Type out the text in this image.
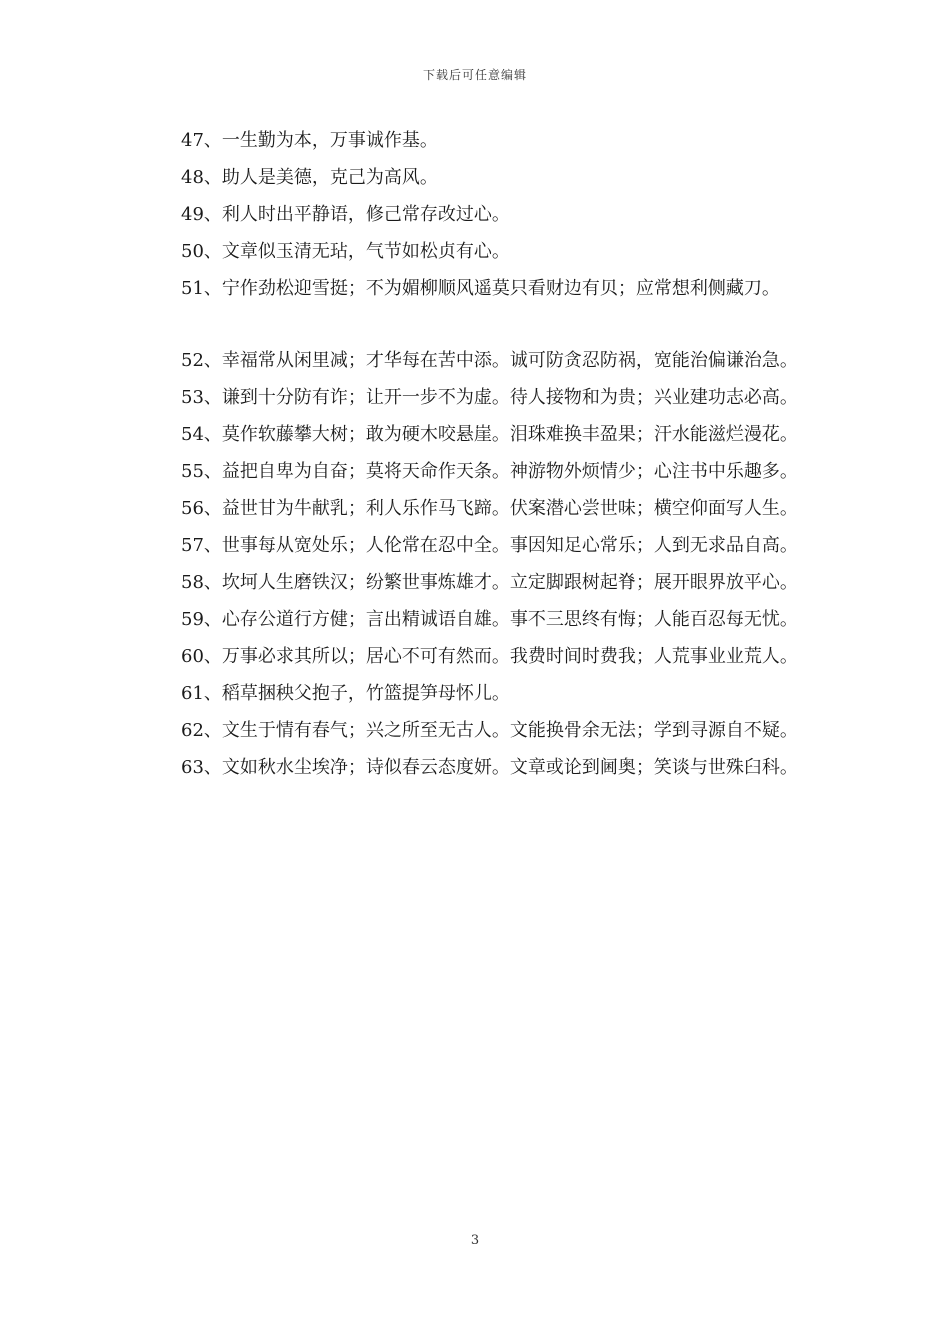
下载后可任意编辑

47、一生勤为本，万事诚作基。

48、助人是美德，克己为高风。

49、利人时出平静语，修己常存改过心。

50、文章似玉清无玷，气节如松贞有心。

51、宁作劲松迎雪挺；不为媚柳顺风遥莫只看财边有贝；应常想利侧藏刀。

52、幸福常从闲里减；才华每在苦中添。诚可防贪忍防祸，宽能治偏谦治急。

53、谦到十分防有诈；让开一步不为虚。待人接物和为贵；兴业建功志必高。

54、莫作软藤攀大树；敢为硬木咬悬崖。泪珠难换丰盈果；汗水能滋烂漫花。

55、益把自卑为自奋；莫将天命作天条。神游物外烦情少；心注书中乐趣多。

56、益世甘为牛献乳；利人乐作马飞蹄。伏案潜心尝世味；横空仰面写人生。

57、世事每从宽处乐；人伦常在忍中全。事因知足心常乐；人到无求品自高。

58、坎坷人生磨铁汉；纷繁世事炼雄才。立定脚跟树起脊；展开眼界放平心。

59、心存公道行方健；言出精诚语自雄。事不三思终有悔；人能百忍每无忧。

60、万事必求其所以；居心不可有然而。我费时间时费我；人荒事业业荒人。

61、稻草捆秧父抱子，竹篮提笋母怀儿。

62、文生于情有春气；兴之所至无古人。文能换骨余无法；学到寻源自不疑。

63、文如秋水尘埃净；诗似春云态度妍。文章或论到阃奥；笑谈与世殊臼科。

3
